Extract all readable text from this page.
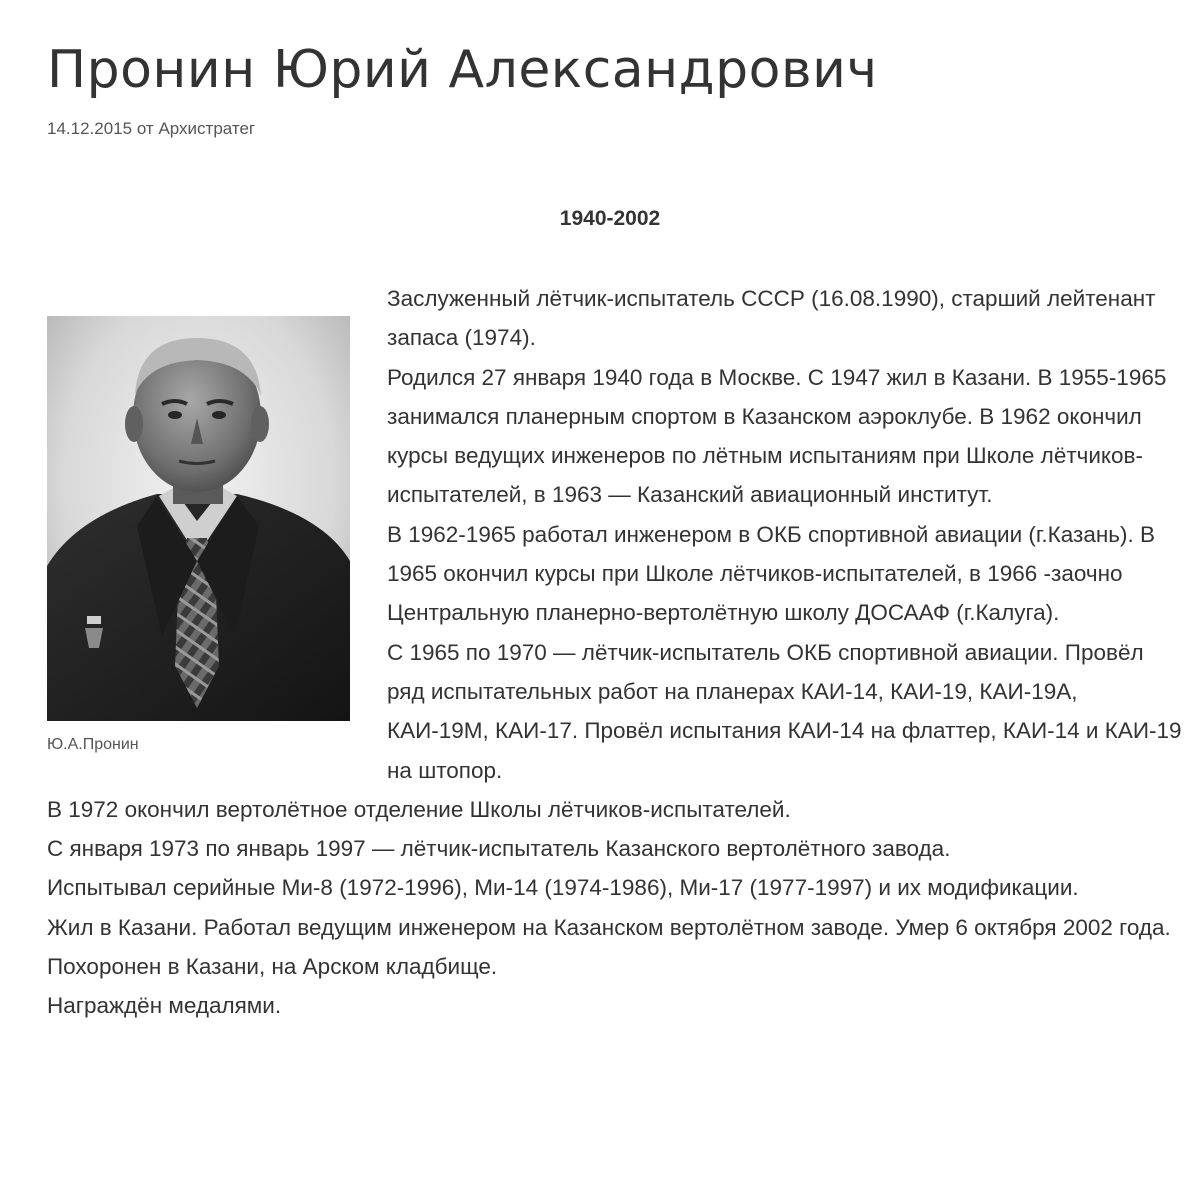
Пронин Юрий Александрович
14.12.2015 от Архистратег
1940-2002
Ю.А.Пронин

Заслуженный лётчик-испытатель СССР (16.08.1990), старший лейтенант запаса (1974).

Родился 27 января 1940 года в Москве. С 1947 жил в Казани. В 1955-1965 занимался планерным спортом в Казанском аэроклубе. В 1962 окончил курсы ведущих инженеров по лётным испытаниям при Школе лётчиков-испытателей, в 1963 — Казанский авиационный институт.

В 1962-1965 работал инженером в ОКБ спортивной авиации (г.Казань). В 1965 окончил курсы при Школе лётчиков-испытателей, в 1966 -заочно Центральную планерно-вертолётную школу ДОСААФ (г.Калуга).

С 1965 по 1970 — лётчик-испытатель ОКБ спортивной авиации. Провёл ряд испытательных работ на планерах КАИ-14, КАИ-19, КАИ-19А, КАИ-19М, КАИ-17. Провёл испытания КАИ-14 на флаттер, КАИ-14 и КАИ-19 на штопор.

В 1972 окончил вертолётное отделение Школы лётчиков-испытателей.

С января 1973 по январь 1997 — лётчик-испытатель Казанского вертолётного завода.

Испытывал серийные Ми-8 (1972-1996), Ми-14 (1974-1986), Ми-17 (1977-1997) и их модификации.

Жил в Казани. Работал ведущим инженером на Казанском вертолётном заводе. Умер 6 октября 2002 года. Похоронен в Казани, на Арском кладбище.

Награждён медалями.
